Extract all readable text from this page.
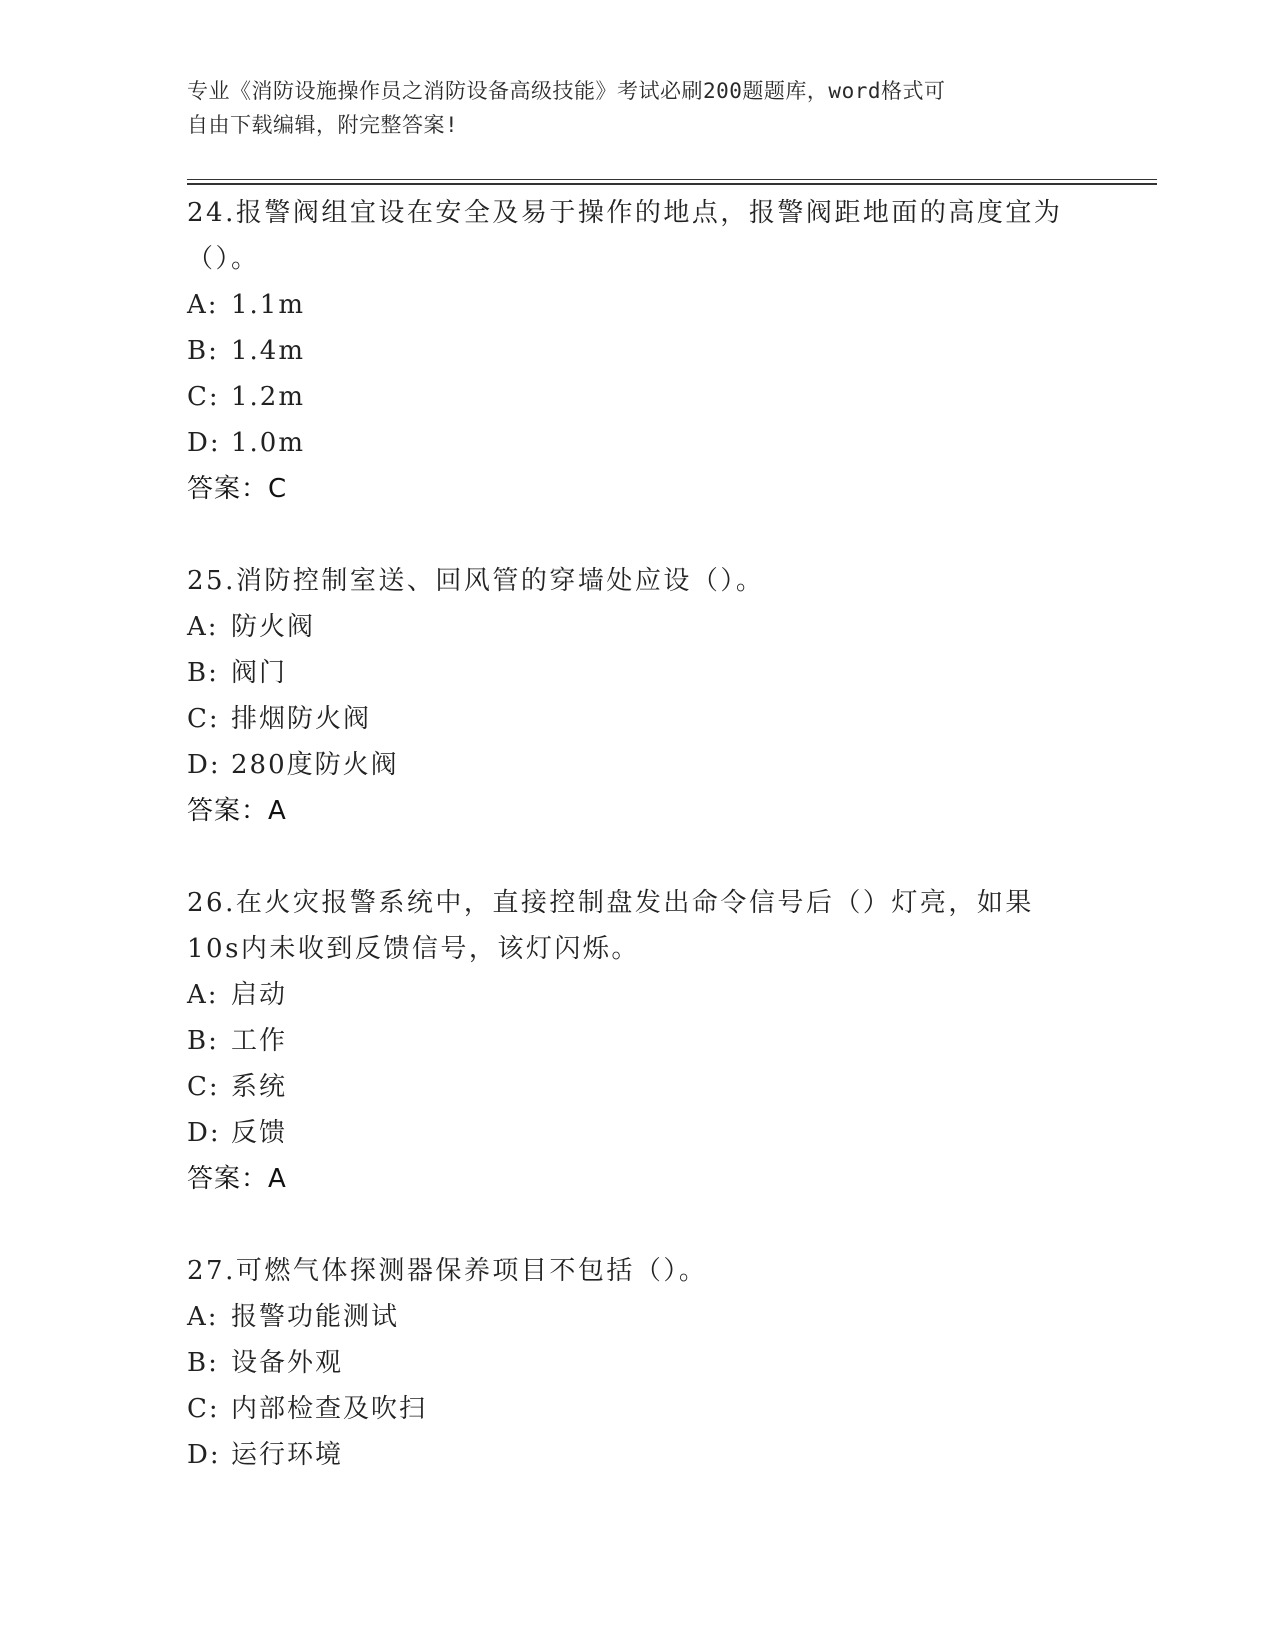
专业《消防设施操作员之消防设备高级技能》考试必刷200题题库，word格式可
自由下载编辑，附完整答案!

24.报警阀组宜设在安全及易于操作的地点，报警阀距地面的高度宜为（）。

A: 1.1m

B: 1.4m

C: 1.2m

D: 1.0m

答案：C

25.消防控制室送、回风管的穿墙处应设（）。

A: 防火阀

B: 阀门

C: 排烟防火阀

D: 280度防火阀

答案：A

26.在火灾报警系统中，直接控制盘发出命令信号后（）灯亮，如果10s内未收到反馈信号，该灯闪烁。

A: 启动

B: 工作

C: 系统

D: 反馈

答案：A

27.可燃气体探测器保养项目不包括（）。

A: 报警功能测试

B: 设备外观

C: 内部检查及吹扫

D: 运行环境
